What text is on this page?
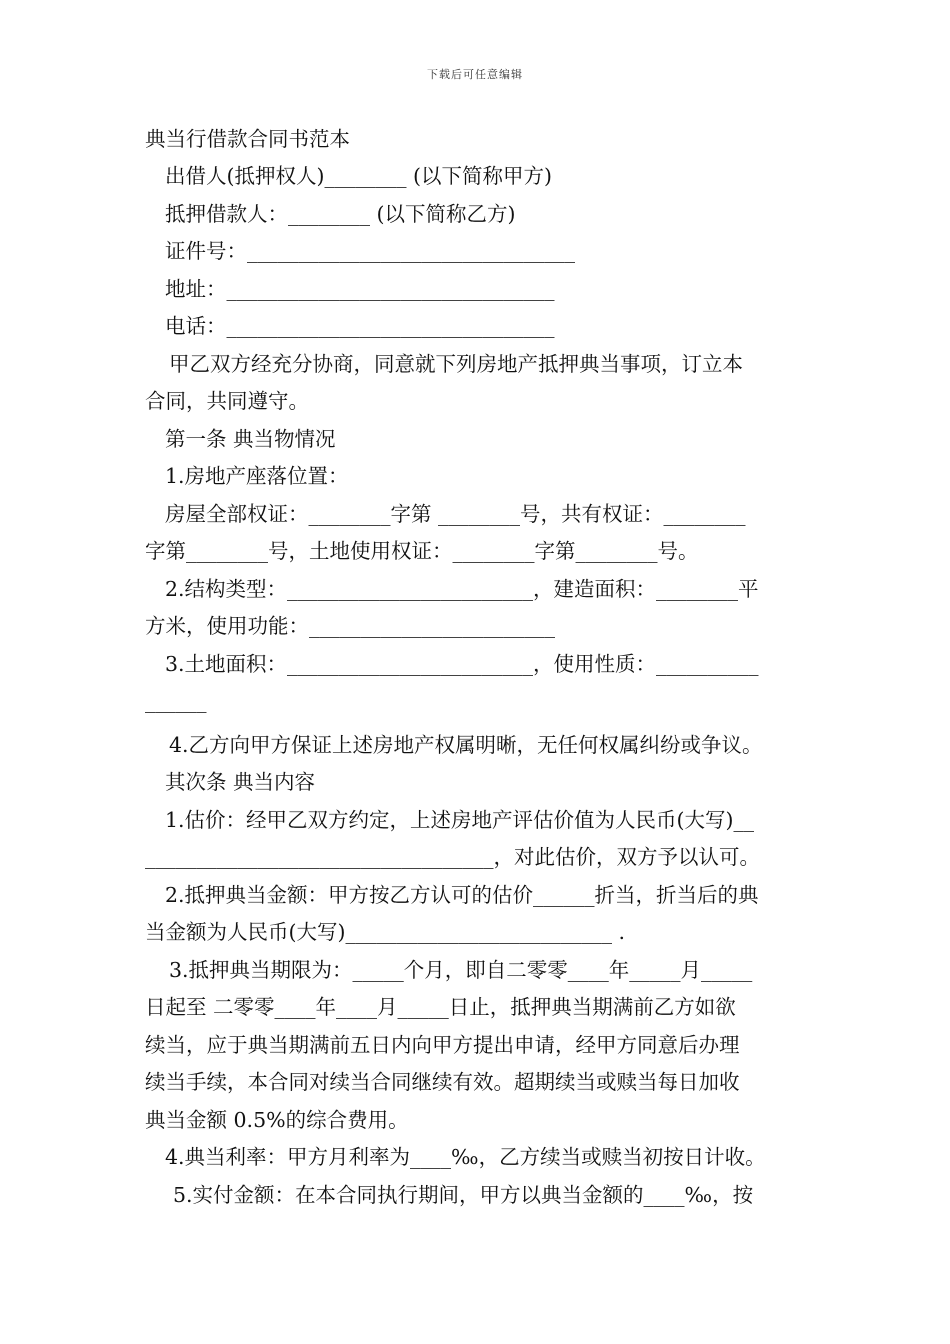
下载后可任意编辑

典当行借款合同书范本

出借人(抵押权人)________ (以下简称甲方)

抵押借款人：________ (以下简称乙方)

证件号：________________________________

地址：________________________________

电话：________________________________

甲乙双方经充分协商，同意就下列房地产抵押典当事项，订立本

合同，共同遵守。

第一条 典当物情况

1.房地产座落位置：

房屋全部权证：________字第 ________号，共有权证：________

字第________号，土地使用权证：________字第________号。

2.结构类型：________________________，建造面积：________平

方米，使用功能：________________________

3.土地面积：________________________，使用性质：__________

______

4.乙方向甲方保证上述房地产权属明晰，无任何权属纠纷或争议。

其次条 典当内容

1.估价：经甲乙双方约定，上述房地产评估价值为人民币(大写)__

__________________________________，对此估价，双方予以认可。

2.抵押典当金额：甲方按乙方认可的估价______折当，折当后的典

当金额为人民币(大写)__________________________ .

3.抵押典当期限为：_____个月，即自二零零____年_____月_____

日起至 二零零____年____月_____日止，抵押典当期满前乙方如欲

续当，应于典当期满前五日内向甲方提出申请，经甲方同意后办理

续当手续，本合同对续当合同继续有效。超期续当或赎当每日加收

典当金额 0.5%的综合费用。

4.典当利率：甲方月利率为____‰，乙方续当或赎当初按日计收。

5.实付金额：在本合同执行期间，甲方以典当金额的____‰，按
